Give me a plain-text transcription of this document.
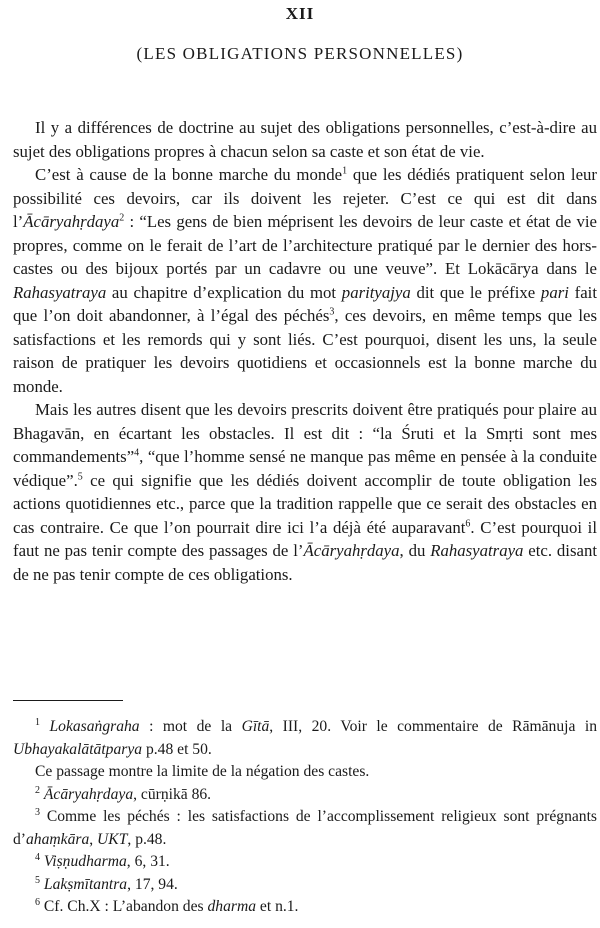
XII
(LES OBLIGATIONS PERSONNELLES)

Il y a différences de doctrine au sujet des obligations personnelles, c’est-à-dire au sujet des obligations propres à chacun selon sa caste et son état de vie.

C’est à cause de la bonne marche du monde$^1$ que les dédiés pratiquent selon leur possibilité ces devoirs, car ils doivent les rejeter. C’est ce qui est dit dans l’Ācāryahṛdaya$^2$ : “Les gens de bien méprisent les devoirs de leur caste et état de vie propres, comme on le ferait de l’art de l’architecture pratiqué par le dernier des hors-castes ou des bijoux portés par un cadavre ou une veuve”. Et Lokācārya dans le Rahasyatraya au chapitre d’explication du mot parityajya dit que le préfixe pari fait que l’on doit abandonner, à l’égal des péchés$^3$, ces devoirs, en même temps que les satisfactions et les remords qui y sont liés. C’est pourquoi, disent les uns, la seule raison de pratiquer les devoirs quotidiens et occasionnels est la bonne marche du monde.

Mais les autres disent que les devoirs prescrits doivent être pratiqués pour plaire au Bhagavān, en écartant les obstacles. Il est dit : “la Śruti et la Smṛti sont mes commandements”$^4$, “que l’homme sensé ne manque pas même en pensée à la conduite védique”.$^5$ ce qui signifie que les dédiés doivent accomplir de toute obligation les actions quotidiennes etc., parce que la tradition rappelle que ce serait des obstacles en cas contraire. Ce que l’on pourrait dire ici l’a déjà été auparavant$^6$. C’est pourquoi il faut ne pas tenir compte des passages de l’Ācāryahṛdaya, du Rahasyatraya etc. disant de ne pas tenir compte de ces obligations.

$^1$ Lokasaṅgraha : mot de la Gītā, III, 20. Voir le commentaire de Rāmānuja in Ubhayakalātātparya p.48 et 50.

Ce passage montre la limite de la négation des castes.

$^2$ Ācāryahṛdaya, cūrṇikā 86.

$^3$ Comme les péchés : les satisfactions de l’accomplissement religieux sont prégnants d’ahaṃkāra, UKT, p.48.

$^4$ Viṣṇudharma, 6, 31.

$^5$ Lakṣmītantra, 17, 94.

$^6$ Cf. Ch.X : L’abandon des dharma et n.1.
